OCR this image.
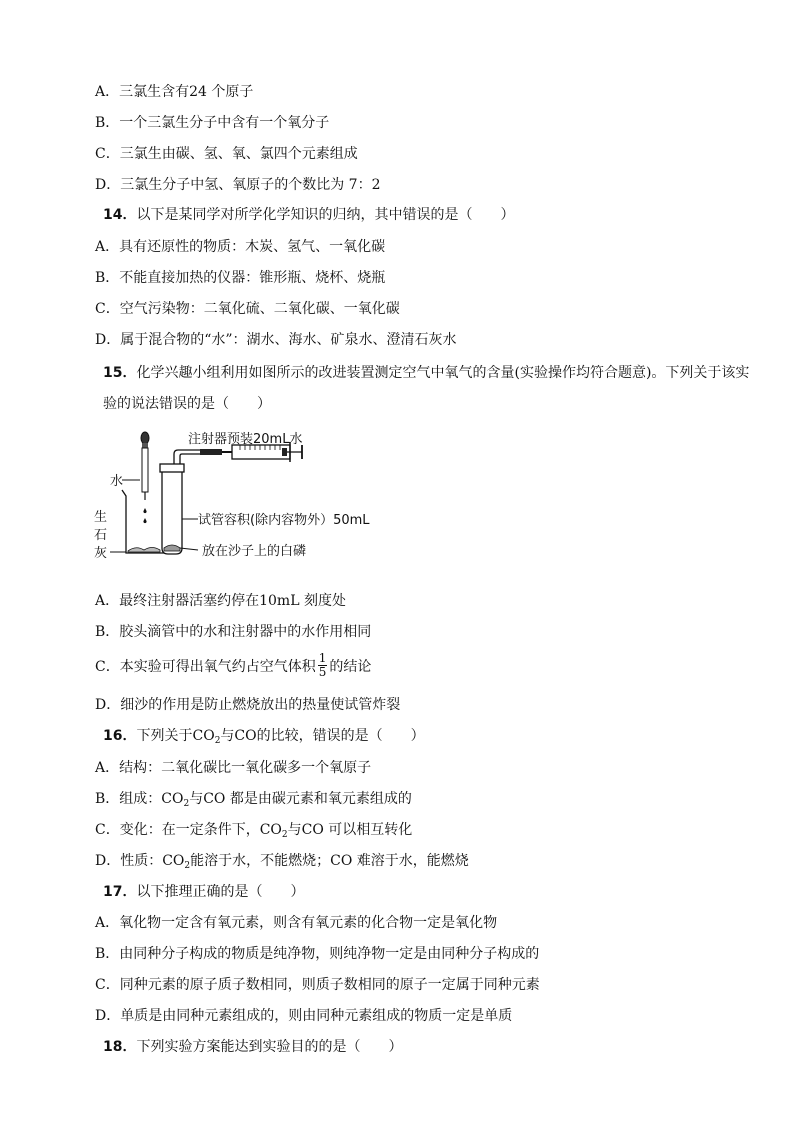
A．三氯生含有24 个原子
B．一个三氯生分子中含有一个氧分子
C．三氯生由碳、氢、氧、氯四个元素组成
D．三氯生分子中氢、氧原子的个数比为 7：2
14．以下是某同学对所学化学知识的归纳，其中错误的是（　　）
A．具有还原性的物质：木炭、氢气、一氧化碳
B．不能直接加热的仪器：锥形瓶、烧杯、烧瓶
C．空气污染物：二氧化硫、二氧化碳、一氧化碳
D．属于混合物的“水”：湖水、海水、矿泉水、澄清石灰水
15．化学兴趣小组利用如图所示的改进装置测定空气中氧气的含量(实验操作均符合题意)。下列关于该实
验的说法错误的是（　　）
注射器预装20mL水
水
生
石
灰
试管容积(除内容物外）50mL
放在沙子上的白磷
A．最终注射器活塞约停在10mL 刻度处
B．胶头滴管中的水和注射器中的水作用相同
C．本实验可得出氧气约占空气体积 $\frac{1}{5}$ 的结论
D．细沙的作用是防止燃烧放出的热量使试管炸裂
16．下列关于$CO_2$与CO的比较，错误的是（　　）
A．结构：二氧化碳比一氧化碳多一个氧原子
B．组成：$CO_2$与CO 都是由碳元素和氧元素组成的
C．变化：在一定条件下，$CO_2$与CO 可以相互转化
D．性质：$CO_2$能溶于水，不能燃烧；CO 难溶于水，能燃烧
17．以下推理正确的是（　　）
A．氧化物一定含有氧元素，则含有氧元素的化合物一定是氧化物
B．由同种分子构成的物质是纯净物，则纯净物一定是由同种分子构成的
C．同种元素的原子质子数相同，则质子数相同的原子一定属于同种元素
D．单质是由同种元素组成的，则由同种元素组成的物质一定是单质
18．下列实验方案能达到实验目的的是（　　）
